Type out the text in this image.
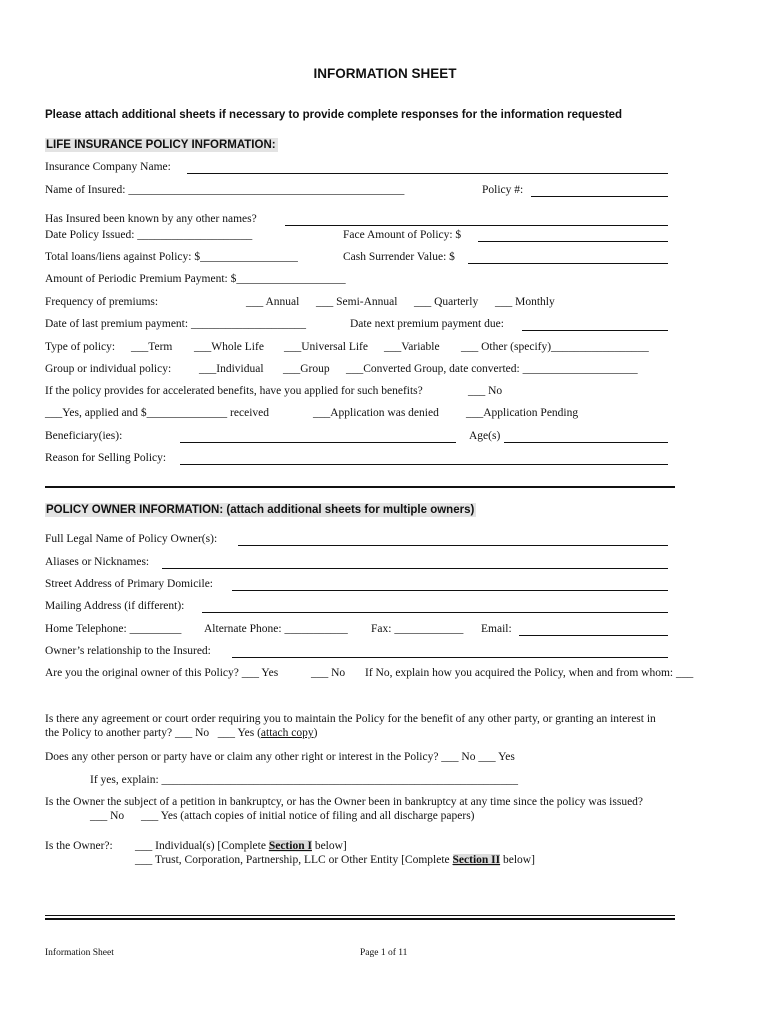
INFORMATION SHEET
Please attach additional sheets if necessary to provide complete responses for the information requested
LIFE INSURANCE POLICY INFORMATION:
Insurance Company Name:
Name of Insured: ________________________________________________	Policy #:
Has Insured been known by any other names?
Date Policy Issued: ____________________	Face Amount of Policy: $
Total loans/liens against Policy: $_________________	Cash Surrender Value: $
Amount of Periodic Premium Payment: $___________________
Frequency of premiums:	___ Annual ___ Semi-Annual ___ Quarterly ___ Monthly
Date of last premium payment: ____________________	Date next premium payment due:
Type of policy: ___Term ___Whole Life ___Universal Life ___Variable ___ Other (specify)_________________
Group or individual policy: ___Individual ___Group ___Converted Group, date converted: ____________________
If the policy provides for accelerated benefits, have you applied for such benefits?	___ No
___Yes, applied and $______________ received	___Application was denied ___Application Pending
Beneficiary(ies):	Age(s)
Reason for Selling Policy:
POLICY OWNER INFORMATION: (attach additional sheets for multiple owners)
Full Legal Name of Policy Owner(s):
Aliases or Nicknames:
Street Address of Primary Domicile:
Mailing Address (if different):
Home Telephone: _________ Alternate Phone: ___________ Fax: ____________ Email:
Owner’s relationship to the Insured:
Are you the original owner of this Policy? ___ Yes	___ No If No, explain how you acquired the Policy, when and from whom: ___
Is there any agreement or court order requiring you to maintain the Policy for the benefit of any other party, or granting an interest in
the Policy to another party? ___ No ___ Yes (attach copy)
Does any other person or party have or claim any other right or interest in the Policy? ___ No ___ Yes
If yes, explain: ______________________________________________________________
Is the Owner the subject of a petition in bankruptcy, or has the Owner been in bankruptcy at any time since the policy was issued?
___ No ___ Yes (attach copies of initial notice of filing and all discharge papers)
Is the Owner?: ___ Individual(s) [Complete Section I below]
___ Trust, Corporation, Partnership, LLC or Other Entity [Complete Section II below]
Information Sheet	Page 1 of 11
